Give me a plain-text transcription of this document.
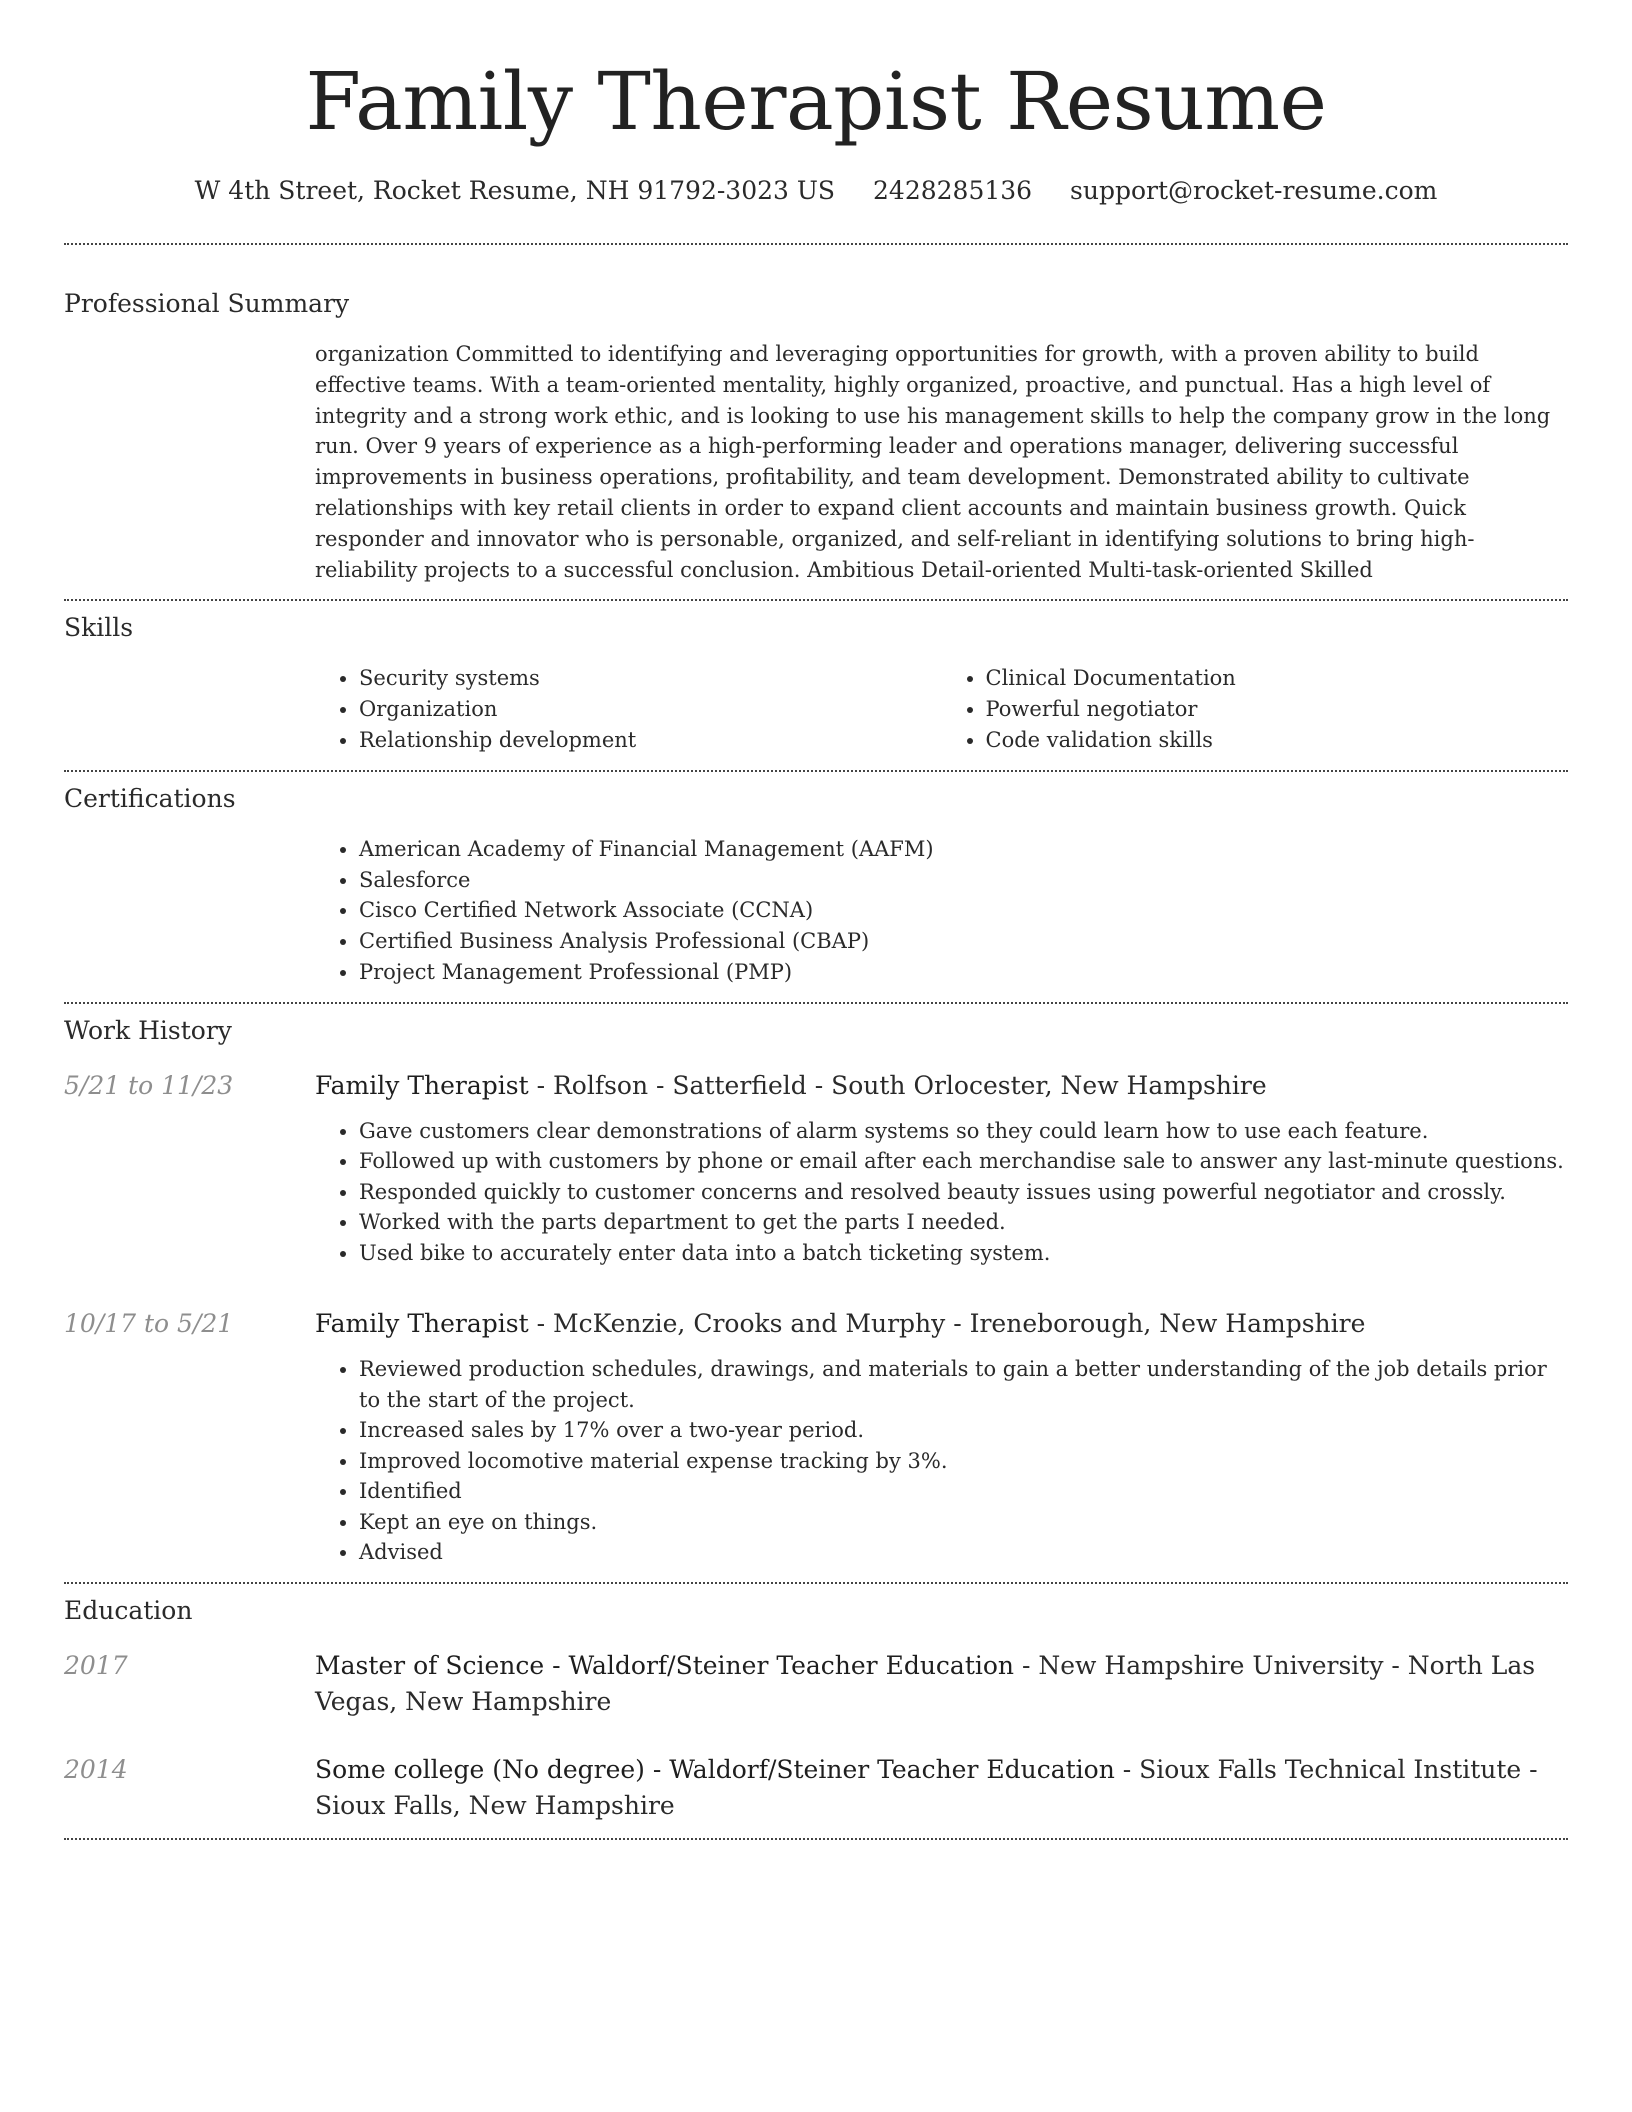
Family Therapist Resume
W 4th Street, Rocket Resume, NH 91792-3023 US 2428285136 support@rocket-resume.com
Professional Summary
organization Committed to identifying and leveraging opportunities for growth, with a proven ability to build effective teams. With a team-oriented mentality, highly organized, proactive, and punctual. Has a high level of integrity and a strong work ethic, and is looking to use his management skills to help the company grow in the long run. Over 9 years of experience as a high-performing leader and operations manager, delivering successful improvements in business operations, profitability, and team development. Demonstrated ability to cultivate relationships with key retail clients in order to expand client accounts and maintain business growth. Quick responder and innovator who is personable, organized, and self-reliant in identifying solutions to bring high-reliability projects to a successful conclusion. Ambitious Detail-oriented Multi-task-oriented Skilled
Skills
• Security systems
• Organization
• Relationship development
• Clinical Documentation
• Powerful negotiator
• Code validation skills
Certifications
• American Academy of Financial Management (AAFM)
• Salesforce
• Cisco Certified Network Associate (CCNA)
• Certified Business Analysis Professional (CBAP)
• Project Management Professional (PMP)
Work History
5/21 to 11/23	Family Therapist - Rolfson - Satterfield - South Orlocester, New Hampshire
• Gave customers clear demonstrations of alarm systems so they could learn how to use each feature.
• Followed up with customers by phone or email after each merchandise sale to answer any last-minute questions.
• Responded quickly to customer concerns and resolved beauty issues using powerful negotiator and crossly.
• Worked with the parts department to get the parts I needed.
• Used bike to accurately enter data into a batch ticketing system.
10/17 to 5/21	Family Therapist - McKenzie, Crooks and Murphy - Ireneborough, New Hampshire
• Reviewed production schedules, drawings, and materials to gain a better understanding of the job details prior to the start of the project.
• Increased sales by 17% over a two-year period.
• Improved locomotive material expense tracking by 3%.
• Identified
• Kept an eye on things.
• Advised
Education
2017	Master of Science - Waldorf/Steiner Teacher Education - New Hampshire University - North Las Vegas, New Hampshire
2014	Some college (No degree) - Waldorf/Steiner Teacher Education - Sioux Falls Technical Institute - Sioux Falls, New Hampshire
